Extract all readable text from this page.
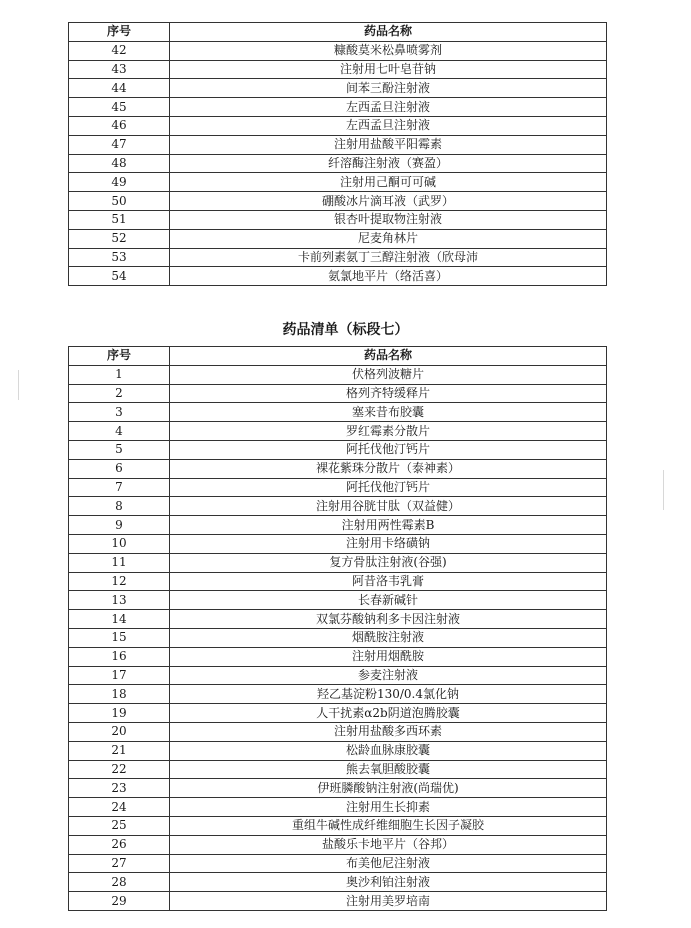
序号	药品名称
42	糠酸莫米松鼻喷雾剂
43	注射用七叶皂苷钠
44	间苯三酚注射液
45	左西孟旦注射液
46	左西孟旦注射液
47	注射用盐酸平阳霉素
48	纤溶酶注射液（赛盈）
49	注射用己酮可可碱
50	硼酸冰片滴耳液（武罗）
51	银杏叶提取物注射液
52	尼麦角林片
53	卡前列素氨丁三醇注射液（欣母沛
54	氨氯地平片（络活喜）
药品清单（标段七）
序号	药品名称
1	伏格列波糖片
2	格列齐特缓释片
3	塞来昔布胶囊
4	罗红霉素分散片
5	阿托伐他汀钙片
6	裸花紫珠分散片（泰神素）
7	阿托伐他汀钙片
8	注射用谷胱甘肽（双益健）
9	注射用两性霉素B
10	注射用卡络磺钠
11	复方骨肽注射液(谷强)
12	阿昔洛韦乳膏
13	长春新碱针
14	双氯芬酸钠利多卡因注射液
15	烟酰胺注射液
16	注射用烟酰胺
17	参麦注射液
18	羟乙基淀粉130/0.4氯化钠
19	人干扰素α2b阴道泡腾胶囊
20	注射用盐酸多西环素
21	松龄血脉康胶囊
22	熊去氧胆酸胶囊
23	伊班膦酸钠注射液(尚瑞优)
24	注射用生长抑素
25	重组牛碱性成纤维细胞生长因子凝胶
26	盐酸乐卡地平片（谷邦）
27	布美他尼注射液
28	奥沙利铂注射液
29	注射用美罗培南
